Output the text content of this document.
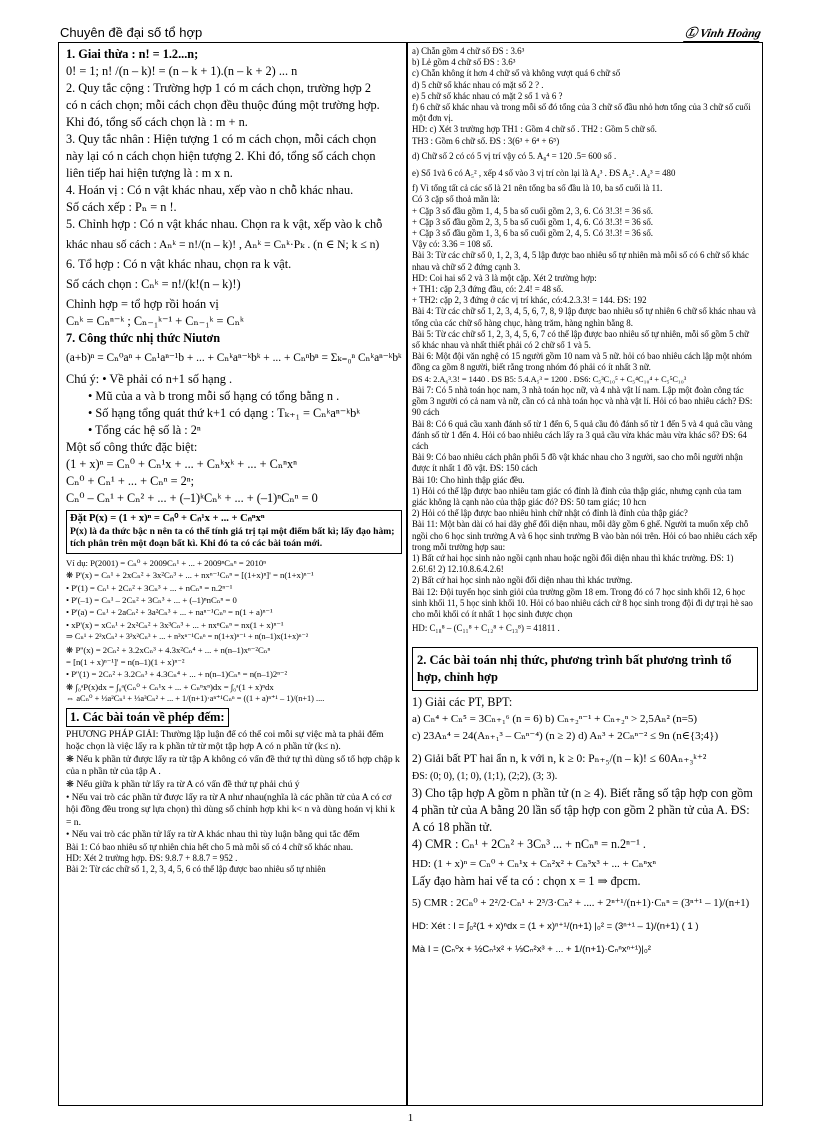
Chuyên đề đại số tổ hợp	Ⓛ Vinh Hoàng

1. Giai thừa : n! = 1.2...n;

0! = 1; n! /(n – k)! = (n – k + 1).(n – k + 2) ... n

2. Quy tắc cộng : Trường hợp 1 có m cách chọn, trường hợp 2

có n cách chọn; mỗi cách chọn đều thuộc đúng một trường hợp.

Khi đó, tổng số cách chọn là : m + n.

3. Quy tắc nhân : Hiện tượng 1 có m cách chọn, mỗi cách chọn

này lại có n cách chọn hiện tượng 2. Khi đó, tổng số cách chọn

liên tiếp hai hiện tượng là : m x n.

4. Hoán vị : Có n vật khác nhau, xếp vào n chỗ khác nhau.

Số cách xếp : Pₙ = n !.

5. Chỉnh hợp : Có n vật khác nhau. Chọn ra k vật, xếp vào k chỗ

khác nhau số cách : Aₙᵏ = n!/(n – k)! , Aₙᵏ = Cₙᵏ·Pₖ . (n ∈ N; k ≤ n)

6. Tổ hợp : Có n vật khác nhau, chọn ra k vật.

Số cách chọn : Cₙᵏ = n!/(k!(n – k)!)

Chỉnh hợp = tổ hợp rồi hoán vị

Cₙᵏ = Cₙⁿ⁻ᵏ ; Cₙ₋₁ᵏ⁻¹ + Cₙ₋₁ᵏ = Cₙᵏ

7. Công thức nhị thức Niutơn

(a+b)ⁿ = Cₙ⁰aⁿ + Cₙ¹aⁿ⁻¹b + ... + Cₙᵏaⁿ⁻ᵏbᵏ + ... + Cₙⁿbⁿ = Σₖ₌₀ⁿ Cₙᵏaⁿ⁻ᵏbᵏ

Chú ý: • Về phải có n+1 số hạng .

• Mũ của a và b trong mỗi số hạng có tổng bằng n .

• Số hạng tổng quát thứ k+1 có dạng : Tₖ₊₁ = Cₙᵏaⁿ⁻ᵏbᵏ

• Tổng các hệ số là : 2ⁿ

Một số công thức đặc biệt:

(1 + x)ⁿ = Cₙ⁰ + Cₙ¹x + ... + Cₙᵏxᵏ + ... + Cₙⁿxⁿ

Cₙ⁰ + Cₙ¹ + ... + Cₙⁿ = 2ⁿ;

Cₙ⁰ – Cₙ¹ + Cₙ² + ... + (–1)ᵏCₙᵏ + ... + (–1)ⁿCₙⁿ = 0

Đặt P(x) = (1 + x)ⁿ = Cₙ⁰ + Cₙ¹x + ... + Cₙⁿxⁿ

P(x) là đa thức bậc n nên ta có thể tính giá trị tại một điểm bất kì; lấy đạo hàm; tích phân trên một đoạn bất kì. Khi đó ta có các bài toán mới.

Ví dụ: P(2001) = Cₙ⁰ + 2009Cₙ¹ + ... + 2009ⁿCₙⁿ = 2010ⁿ

❋ P'(x) = Cₙ¹ + 2xCₙ² + 3x²Cₙ³ + ... + nxⁿ⁻¹Cₙⁿ = [(1+x)ⁿ]' = n(1+x)ⁿ⁻¹

• P'(1) = Cₙ¹ + 2Cₙ² + 3Cₙ³ + ... + nCₙⁿ = n.2ⁿ⁻¹

• P'(–1) = Cₙ¹ – 2Cₙ² + 3Cₙ³ + ... + (–1)ⁿnCₙⁿ = 0

• P'(a) = Cₙ¹ + 2aCₙ² + 3a²Cₙ³ + ... + naⁿ⁻¹Cₙⁿ = n(1 + a)ⁿ⁻¹

• xP'(x) = xCₙ¹ + 2x²Cₙ² + 3x³Cₙ³ + ... + nxⁿCₙⁿ = nx(1 + x)ⁿ⁻¹

⇒ Cₙ¹ + 2²xCₙ² + 3²x²Cₙ³ + ... + n²xⁿ⁻¹Cₙⁿ = n(1+x)ⁿ⁻¹ + n(n–1)x(1+x)ⁿ⁻²

❋ P''(x) = 2Cₙ² + 3.2xCₙ³ + 4.3x²Cₙ⁴ + ... + n(n–1)xⁿ⁻²Cₙⁿ

= [n(1 + x)ⁿ⁻¹]' = n(n–1)(1 + x)ⁿ⁻²

• P''(1) = 2Cₙ² + 3.2Cₙ³ + 4.3Cₙ⁴ + ... + n(n–1)Cₙⁿ = n(n–1)2ⁿ⁻²

❋ ∫₀ᵃP(x)dx = ∫₀ᵃ(Cₙ⁰ + Cₙ¹x + ... + Cₙⁿxⁿ)dx = ∫₀ᵃ(1 + x)ⁿdx

⇔ aCₙ⁰ + ½a²Cₙ¹ + ⅓a³Cₙ² + ... + 1/(n+1)·aⁿ⁺¹Cₙⁿ = ((1 + a)ⁿ⁺¹ – 1)/(n+1) ....

1. Các bài toán về phép đếm:

PHƯƠNG PHÁP GIẢI: Thường lập luận để có thể coi mỗi sự việc mà ta phải đếm hoặc chọn là việc lấy ra k phần tử từ một tập hợp A có n phần tử (k≤ n).

❋ Nếu k phần tử được lấy ra từ tập A không có vấn đề thứ tự thì dùng số tổ hợp chập k của n phần tử của tập A .

❋ Nếu giữa k phần tử lấy ra từ A có vấn đề thứ tự phải chú ý

• Nếu vai trò các phần tử được lấy ra từ A như nhau(nghĩa là các phần tử của A có cơ hội đồng đều trong sự lựa chọn) thì dùng số chỉnh hợp khi k< n và dùng hoán vị khi k = n.

• Nếu vai trò các phần tử lấy ra từ A khác nhau thì tùy luận bằng qui tắc đếm

Bài 1: Có bao nhiêu số tự nhiên chia hết cho 5 mà mỗi số có 4 chữ số khác nhau.

HD: Xét 2 trường hợp. ĐS: 9.8.7 + 8.8.7 = 952 .

Bài 2: Từ các chữ số 1, 2, 3, 4, 5, 6 có thể lập được bao nhiêu số tự nhiên

a) Chẵn gồm 4 chữ số ĐS : 3.6³

b) Lẻ gồm 4 chữ số ĐS : 3.6³

c) Chẵn không ít hơn 4 chữ số và không vượt quá 6 chữ số

d) 5 chữ số khác nhau có mặt số 2 ? .

e) 5 chữ số khác nhau có mặt 2 số 1 và 6 ?

f) 6 chữ số khác nhau và trong mỗi số đó tổng của 3 chữ số đầu nhỏ hơn tổng của 3 chữ số cuối một đơn vị.

HD: c) Xét 3 trường hợp TH1 : Gồm 4 chữ số . TH2 : Gồm 5 chữ số.

TH3 : Gồm 6 chữ số. ĐS : 3(6³ + 6⁴ + 6⁵)

d) Chữ số 2 có có 5 vị trí vậy có 5. A₈⁴ = 120 .5= 600 số .

e) Số 1và 6 có A₅² , xếp 4 số vào 3 vị trí còn lại là A₄³ . ĐS A₅² . A₄³ = 480

f) Vì tổng tất cả các số là 21 nên tổng ba số đầu là 10, ba số cuối là 11.

Có 3 cặp số thoả mãn là:

+ Cặp 3 số đầu gồm 1, 4, 5 ba số cuối gồm 2, 3, 6. Có 3!.3! = 36 số.

+ Cặp 3 số đầu gồm 2, 3, 5 ba số cuối gồm 1, 4, 6. Có 3!.3! = 36 số.

+ Cặp 3 số đầu gồm 1, 3, 6 ba số cuối gồm 2, 4, 5. Có 3!.3! = 36 số.

Vậy có: 3.36 = 108 số.

Bài 3: Từ các chữ số 0, 1, 2, 3, 4, 5 lập được bao nhiêu số tự nhiên mà mỗi số có 6 chữ số khác nhau và chữ số 2 đứng cạnh 3.

HD: Coi hai số 2 và 3 là một cặp. Xét 2 trường hợp:

+ TH1: cặp 2,3 đứng đầu, có: 2.4! = 48 số.

+ TH2: cặp 2, 3 đứng ở các vị trí khác, có:4.2.3.3! = 144. ĐS: 192

Bài 4: Từ các chữ số 1, 2, 3, 4, 5, 6, 7, 8, 9 lập được bao nhiêu số tự nhiên 6 chữ số khác nhau và tổng của các chữ số hàng chục, hàng trăm, hàng nghìn bằng 8.

Bài 5: Từ các chữ số 1, 2, 3, 4, 5, 6, 7 có thể lập được bao nhiêu số tự nhiên, mỗi số gồm 5 chữ số khác nhau và nhất thiết phải có 2 chữ số 1 và 5.

Bài 6: Một đội văn nghệ có 15 người gồm 10 nam và 5 nữ. hỏi có bao nhiêu cách lập một nhóm đồng ca gồm 8 người, biết rằng trong nhóm đó phải có ít nhất 3 nữ.

ĐS 4: 2.A₆³.3! = 1440 . ĐS B5: 5.4.A₅³ = 1200 . ĐS6: C₅³C₁₀⁵ + C₅⁴C₁₀⁴ + C₅⁵C₁₀³

Bài 7: Có 5 nhà toán học nam, 3 nhà toán học nữ, và 4 nhà vật lí nam. Lập một đoàn công tác gồm 3 người có cả nam và nữ, cần có cả nhà toán học và nhà vật lí. Hỏi có bao nhiêu cách? ĐS: 90 cách

Bài 8: Có 6 quả cầu xanh đánh số từ 1 đến 6, 5 quả cầu đỏ đánh số từ 1 đến 5 và 4 quả cầu vàng đánh số từ 1 đến 4. Hỏi có bao nhiêu cách lấy ra 3 quả cầu vừa khác màu vừa khác số? ĐS: 64 cách

Bài 9: Có bao nhiêu cách phân phối 5 đồ vật khác nhau cho 3 người, sao cho mỗi người nhận được ít nhất 1 đồ vật. ĐS: 150 cách

Bài 10: Cho hình thập giác đều.

1) Hỏi có thể lập được bao nhiêu tam giác có đỉnh là đỉnh của thập giác, nhưng cạnh của tam giác không là cạnh nào của thập giác đó? ĐS: 50 tam giác; 10 hcn

2) Hỏi có thể lập được bao nhiêu hình chữ nhật có đỉnh là đỉnh của thập giác?

Bài 11: Một bàn dài có hai dãy ghế đối diện nhau, mỗi dãy gồm 6 ghế. Người ta muốn xếp chỗ ngồi cho 6 học sinh trường A và 6 học sinh trường B vào bàn nói trên. Hỏi có bao nhiêu cách xếp trong mỗi trường hợp sau:

1) Bất cứ hai học sinh nào ngồi cạnh nhau hoặc ngồi đối diện nhau thì khác trường. ĐS: 1) 2.6!.6! 2) 12.10.8.6.4.2.6!

2) Bất cứ hai học sinh nào ngồi đối diện nhau thì khác trường.

Bài 12: Đội tuyển học sinh giỏi của trường gồm 18 em. Trong đó có 7 học sinh khối 12, 6 học sinh khối 11, 5 học sinh khối 10. Hỏi có bao nhiêu cách cử 8 học sinh trong đội đi dự trại hè sao cho mỗi khối có ít nhất 1 học sinh được chọn

HD: C₁₈⁸ – (C₁₁⁸ + C₁₂⁸ + C₁₃⁸) = 41811 .

2. Các bài toán nhị thức, phương trình bất phương trình tổ hợp, chỉnh hợp

1) Giải các PT, BPT:

a) Cₙ⁴ + Cₙ⁵ = 3Cₙ₊₁⁶ (n = 6) b) Cₙ₊₂ⁿ⁻¹ + Cₙ₊₂ⁿ > 2,5Aₙ² (n=5)

c) 23Aₙ⁴ = 24(Aₙ₊₁³ – Cₙⁿ⁻⁴) (n ≥ 2) d) Aₙ³ + 2Cₙⁿ⁻² ≤ 9n (n∈{3;4})

2) Giải bất PT hai ẩn n, k với n, k ≥ 0: Pₙ₊₅/(n – k)! ≤ 60Aₙ₊₃ᵏ⁺²

ĐS: (0; 0), (1; 0), (1;1), (2;2), (3; 3).

3) Cho tập hợp A gồm n phần tử (n ≥ 4). Biết rằng số tập hợp con gồm 4 phần tử của A bằng 20 lần số tập hợp con gồm 2 phần tử của A. ĐS: A có 18 phần tử.

4) CMR : Cₙ¹ + 2Cₙ² + 3Cₙ³ ... + nCₙⁿ = n.2ⁿ⁻¹ .

HD: (1 + x)ⁿ = Cₙ⁰ + Cₙ¹x + Cₙ²x² + Cₙ³x³ + ... + Cₙⁿxⁿ

Lấy đạo hàm hai vế ta có : chọn x = 1 ⇒ đpcm.

5) CMR : 2Cₙ⁰ + 2²/2·Cₙ¹ + 2³/3·Cₙ² + .... + 2ⁿ⁺¹/(n+1)·Cₙⁿ = (3ⁿ⁺¹ – 1)/(n+1)

HD: Xét : I = ∫₀²(1 + x)ⁿdx = (1 + x)ⁿ⁺¹/(n+1) |₀² = (3ⁿ⁺¹ – 1)/(n+1) ( 1 )

Mà I = (Cₙ⁰x + ½Cₙ¹x² + ⅓Cₙ²x³ + ... + 1/(n+1)·Cₙⁿxⁿ⁺¹)|₀²

1
